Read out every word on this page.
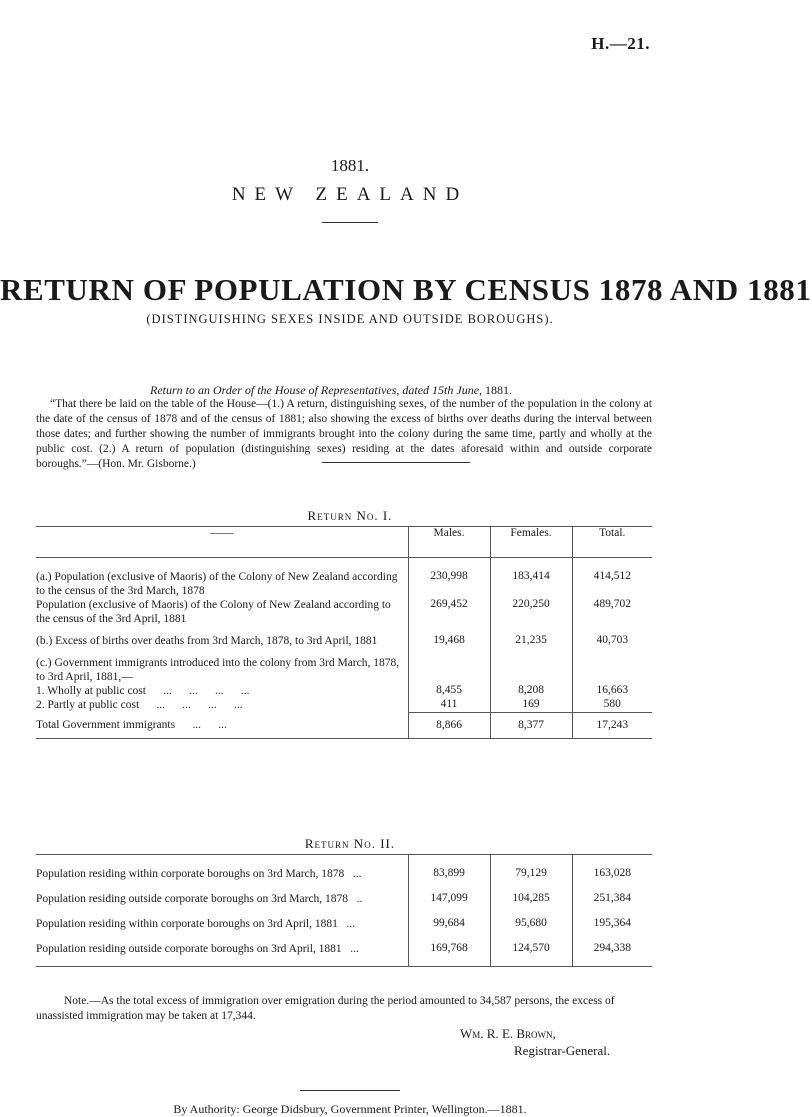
H.—21.
1881.
NEW ZEALAND
RETURN OF POPULATION BY CENSUS 1878 AND 1881
(DISTINGUISHING SEXES INSIDE AND OUTSIDE BOROUGHS).
Return to an Order of the House of Representatives, dated 15th June, 1881.

“That there be laid on the table of the House—(1.) A return, distinguishing sexes, of the number of the population in the colony at the date of the census of 1878 and of the census of 1881; also showing the excess of births over deaths during the interval between those dates; and further showing the number of immigrants brought into the colony during the same time, partly and wholly at the public cost. (2.) A return of population (distinguishing sexes) residing at the dates aforesaid within and outside corporate boroughs.”—(Hon. Mr. Gisborne.)

Return No. I.
——	Males.	Females.	Total.
(a.) Population (exclusive of Maoris) of the Colony of New Zealand according to the census of the 3rd March, 1878	230,998	183,414	414,512
Population (exclusive of Maoris) of the Colony of New Zealand according to the census of the 3rd April, 1881	269,452	220,250	489,702
(b.) Excess of births over deaths from 3rd March, 1878, to 3rd April, 1881	19,468	21,235	40,703
(c.) Government immigrants introduced into the colony from 3rd March, 1878, to 3rd April, 1881,—			
1. Wholly at public cost      ...      ...      ...      ...	8,455	8,208	16,663
2. Partly at public cost      ...      ...      ...      ...	411	169	580
Total Government immigrants      ...      ...	8,866	8,377	17,243
Return No. II.
Population residing within corporate boroughs on 3rd March, 1878   ...	83,899	79,129	163,028
Population residing outside corporate boroughs on 3rd March, 1878   ..	147,099	104,285	251,384
Population residing within corporate boroughs on 3rd April, 1881   ...	99,684	95,680	195,364
Population residing outside corporate boroughs on 3rd April, 1881   ...	169,768	124,570	294,338

Note.—As the total excess of immigration over emigration during the period amounted to 34,587 persons, the excess of unassisted immigration may be taken at 17,344.

Wm. R. E. Brown,
Registrar-General.
By Authority: George Didsbury, Government Printer, Wellington.—1881.
